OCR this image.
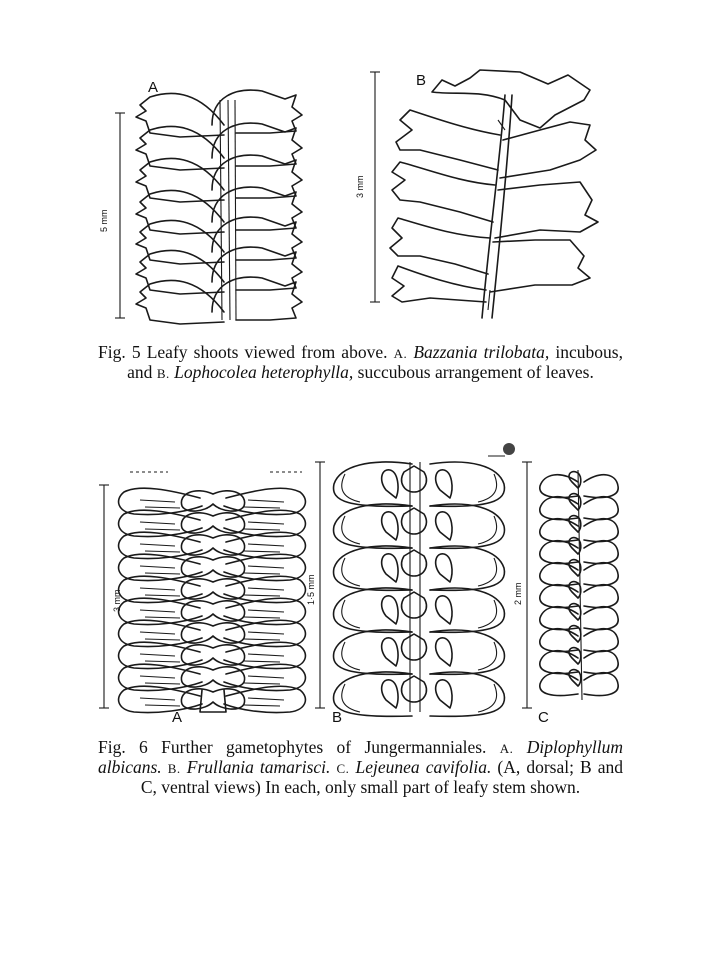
5 mm
A
3 mm
B
3 mm
A
1·5 mm
B
2 mm
C
Fig. 5 Leafy shoots viewed from above. A. Bazzania trilobata, incubous, and B. Lophocolea heterophylla, succubous arrangement of leaves.
Fig. 6 Further gametophytes of Jungermanniales. A. Diplophyllum albicans. B. Frullania tamarisci. C. Lejeunea cavifolia. (A, dorsal; B and C, ventral views) In each, only small part of leafy stem shown.
